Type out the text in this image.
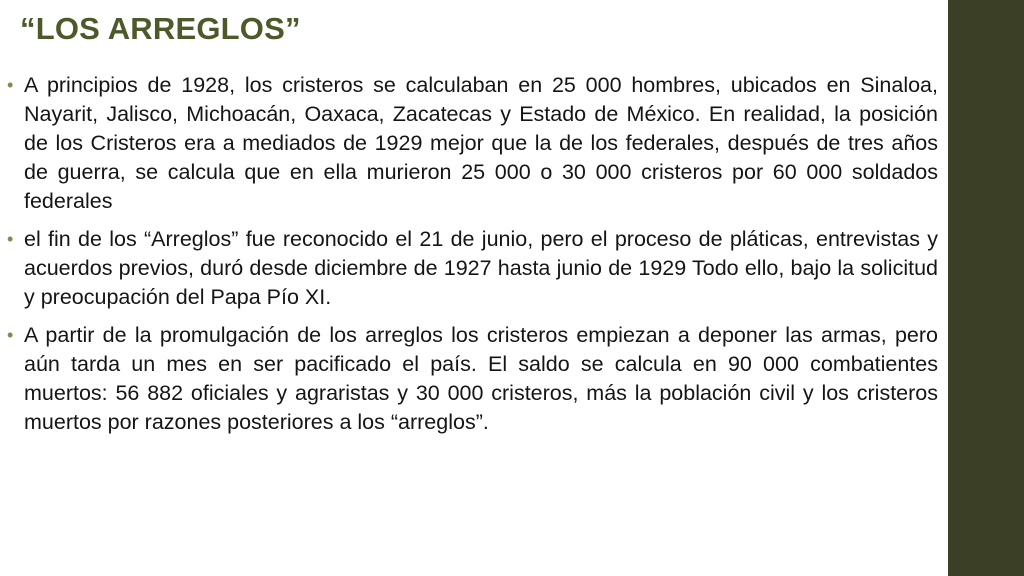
“LOS ARREGLOS”
• A principios de 1928, los cristeros se calculaban en 25 000 hombres, ubicados en Sinaloa, Nayarit, Jalisco, Michoacán, Oaxaca, Zacatecas y Estado de México. En realidad, la posición de los Cristeros era a mediados de 1929 mejor que la de los federales, después de tres años de guerra, se calcula que en ella murieron 25 000 o 30 000 cristeros por 60 000 soldados federales
• el fin de los “Arreglos” fue reconocido el 21 de junio, pero el proceso de pláticas, entrevistas y acuerdos previos, duró desde diciembre de 1927 hasta junio de 1929 Todo ello, bajo la solicitud y preocupación del Papa Pío XI.
• A partir de la promulgación de los arreglos los cristeros empiezan a deponer las armas, pero aún tarda un mes en ser pacificado el país. El saldo se calcula en 90 000 combatientes muertos: 56 882 oficiales y agraristas y 30 000 cristeros, más la población civil y los cristeros muertos por razones posteriores a los “arreglos”.
